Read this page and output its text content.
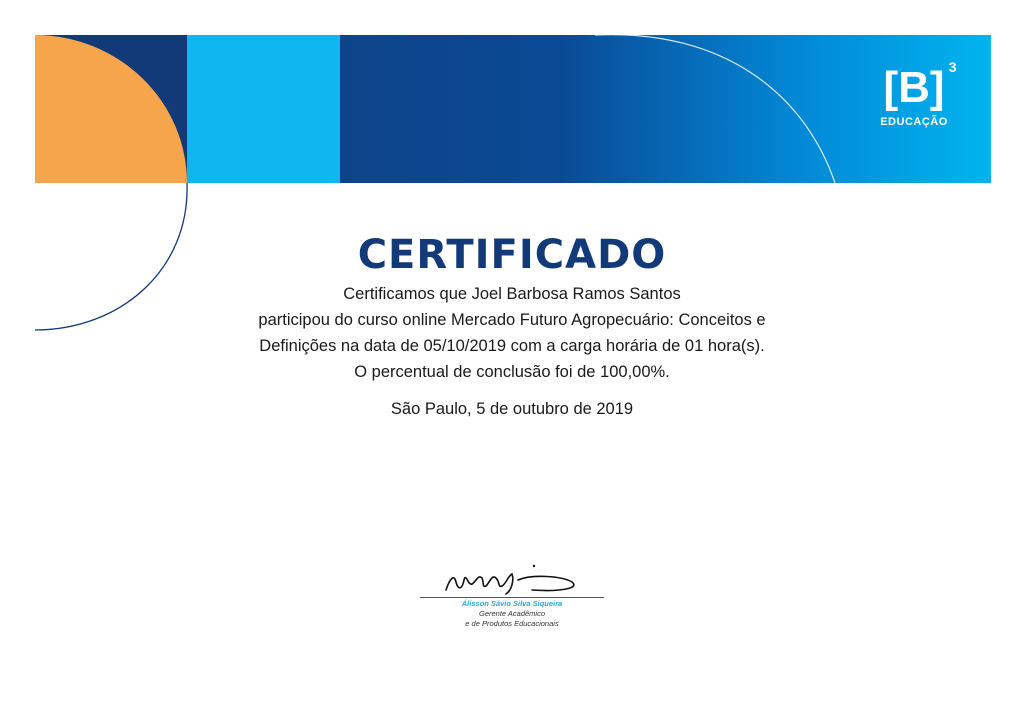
[B] 3
EDUCAÇÃO
CERTIFICADO
Certificamos que Joel Barbosa Ramos Santos
participou do curso online Mercado Futuro Agropecuário: Conceitos e
Definições na data de 05/10/2019 com a carga horária de 01 hora(s).
O percentual de conclusão foi de 100,00%.
São Paulo, 5 de outubro de 2019
Álisson Sávio Silva Siqueira
Gerente Acadêmico
e de Produtos Educacionais
